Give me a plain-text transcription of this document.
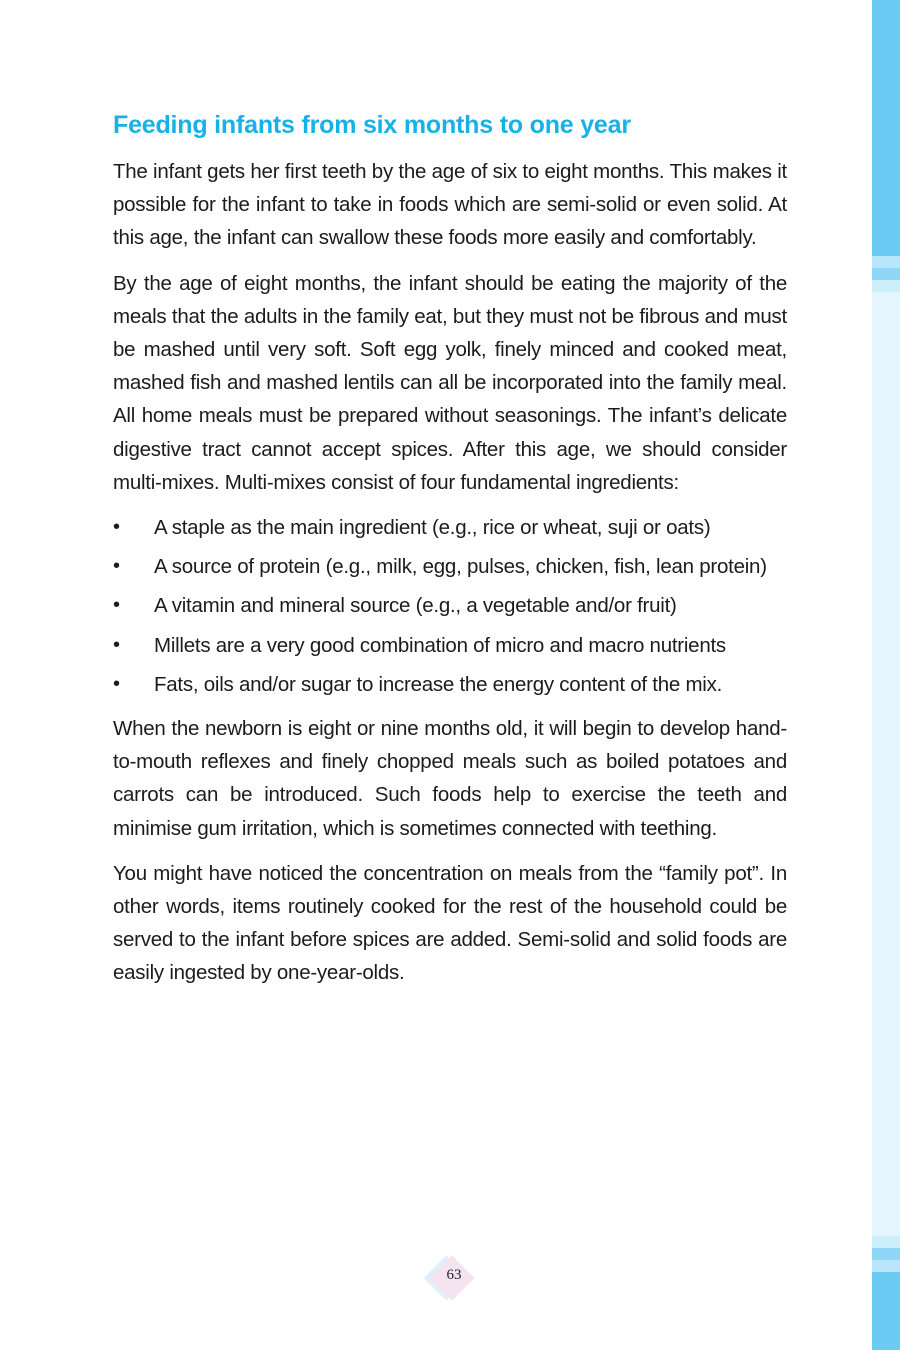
Feeding infants from six months to one year

The infant gets her first teeth by the age of six to eight months. This makes it possible for the infant to take in foods which are semi-solid or even solid. At this age, the infant can swallow these foods more easily and comfortably.

By the age of eight months, the infant should be eating the majority of the meals that the adults in the family eat, but they must not be fibrous and must be mashed until very soft. Soft egg yolk, finely minced and cooked meat, mashed fish and mashed lentils can all be incorporated into the family meal. All home meals must be prepared without seasonings. The infant’s delicate digestive tract cannot accept spices. After this age, we should consider multi-mixes. Multi-mixes consist of four fundamental ingredients:

• A staple as the main ingredient (e.g., rice or wheat, suji or oats)
• A source of protein (e.g., milk, egg, pulses, chicken, fish, lean protein)
• A vitamin and mineral source (e.g., a vegetable and/or fruit)
• Millets are a very good combination of micro and macro nutrients
• Fats, oils and/or sugar to increase the energy content of the mix.

When the newborn is eight or nine months old, it will begin to develop hand-to-mouth reflexes and finely chopped meals such as boiled potatoes and carrots can be introduced. Such foods help to exercise the teeth and minimise gum irritation, which is sometimes connected with teething.

You might have noticed the concentration on meals from the “family pot”. In other words, items routinely cooked for the rest of the household could be served to the infant before spices are added. Semi-solid and solid foods are easily ingested by one-year-olds.

63
